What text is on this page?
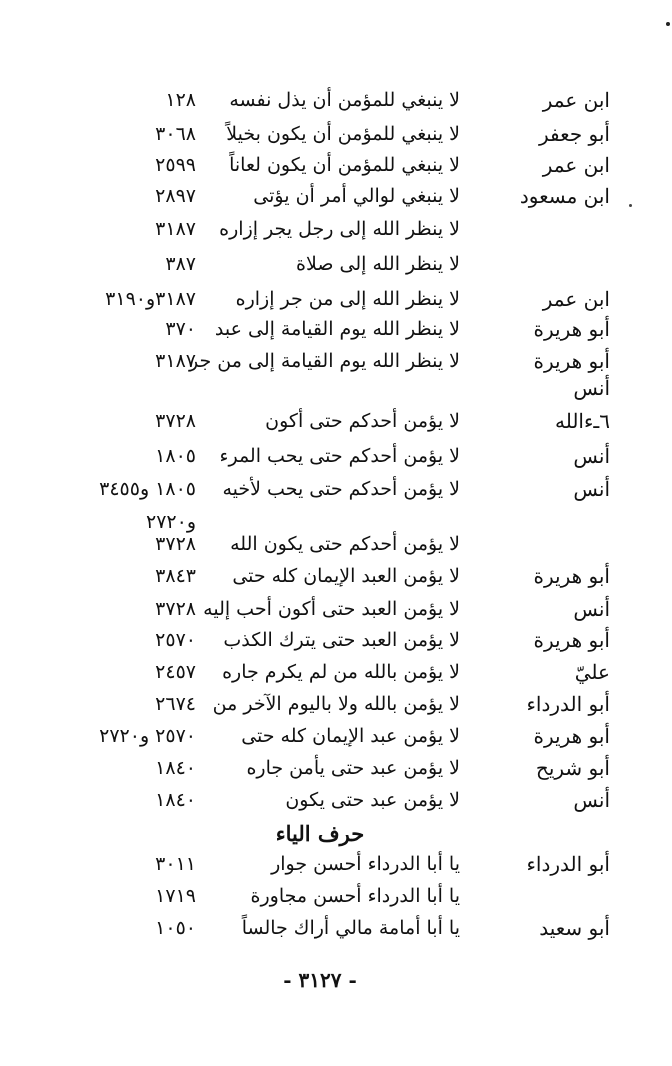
ابن عمر
لا ينبغي للمؤمن أن يذل نفسه
١٢٨
أبو جعفر
لا ينبغي للمؤمن أن يكون بخيلاً
٣٠٦٨
ابن عمر
لا ينبغي للمؤمن أن يكون لعاناً
٢٥٩٩
ابن مسعود
لا ينبغي لوالي أمر أن يؤتى
٢٨٩٧
لا ينظر الله إلى رجل يجر إزاره
٣١٨٧
لا ينظر الله إلى صلاة
٣٨٧
ابن عمر
لا ينظر الله إلى من جر إزاره
٣١٨٧و٣١٩٠
أبو هريرة
لا ينظر الله يوم القيامة إلى عبد
٣٧٠
أبو هريرة
لا ينظر الله يوم القيامة إلى من جر
٣١٨٧
أنس
٦ـءالله
لا يؤمن أحدكم حتى أكون
٣٧٢٨
أنس
لا يؤمن أحدكم حتى يحب المرء
١٨٠٥
أنس
لا يؤمن أحدكم حتى يحب لأخيه
١٨٠٥ و٣٤٥٥
و٢٧٢٠
لا يؤمن أحدكم حتى يكون الله
٣٧٢٨
أبو هريرة
لا يؤمن العبد الإيمان كله حتى
٣٨٤٣
أنس
لا يؤمن العبد حتى أكون أحب إليه
٣٧٢٨
أبو هريرة
لا يؤمن العبد حتى يترك الكذب
٢٥٧٠
عليّ
لا يؤمن بالله من لم يكرم جاره
٢٤٥٧
أبو الدرداء
لا يؤمن بالله ولا باليوم الآخر من
٢٦٧٤
أبو هريرة
لا يؤمن عبد الإيمان كله حتى
٢٥٧٠ و٢٧٢٠
أبو شريح
لا يؤمن عبد حتى يأمن جاره
١٨٤٠
أنس
لا يؤمن عبد حتى يكون
١٨٤٠
حرف الياء
أبو الدرداء
يا أبا الدرداء أحسن جوار
٣٠١١
يا أبا الدرداء أحسن مجاورة
١٧١٩
أبو سعيد
يا أبا أمامة مالي أراك جالساً
١٠٥٠
- ٣١٢٧ -
